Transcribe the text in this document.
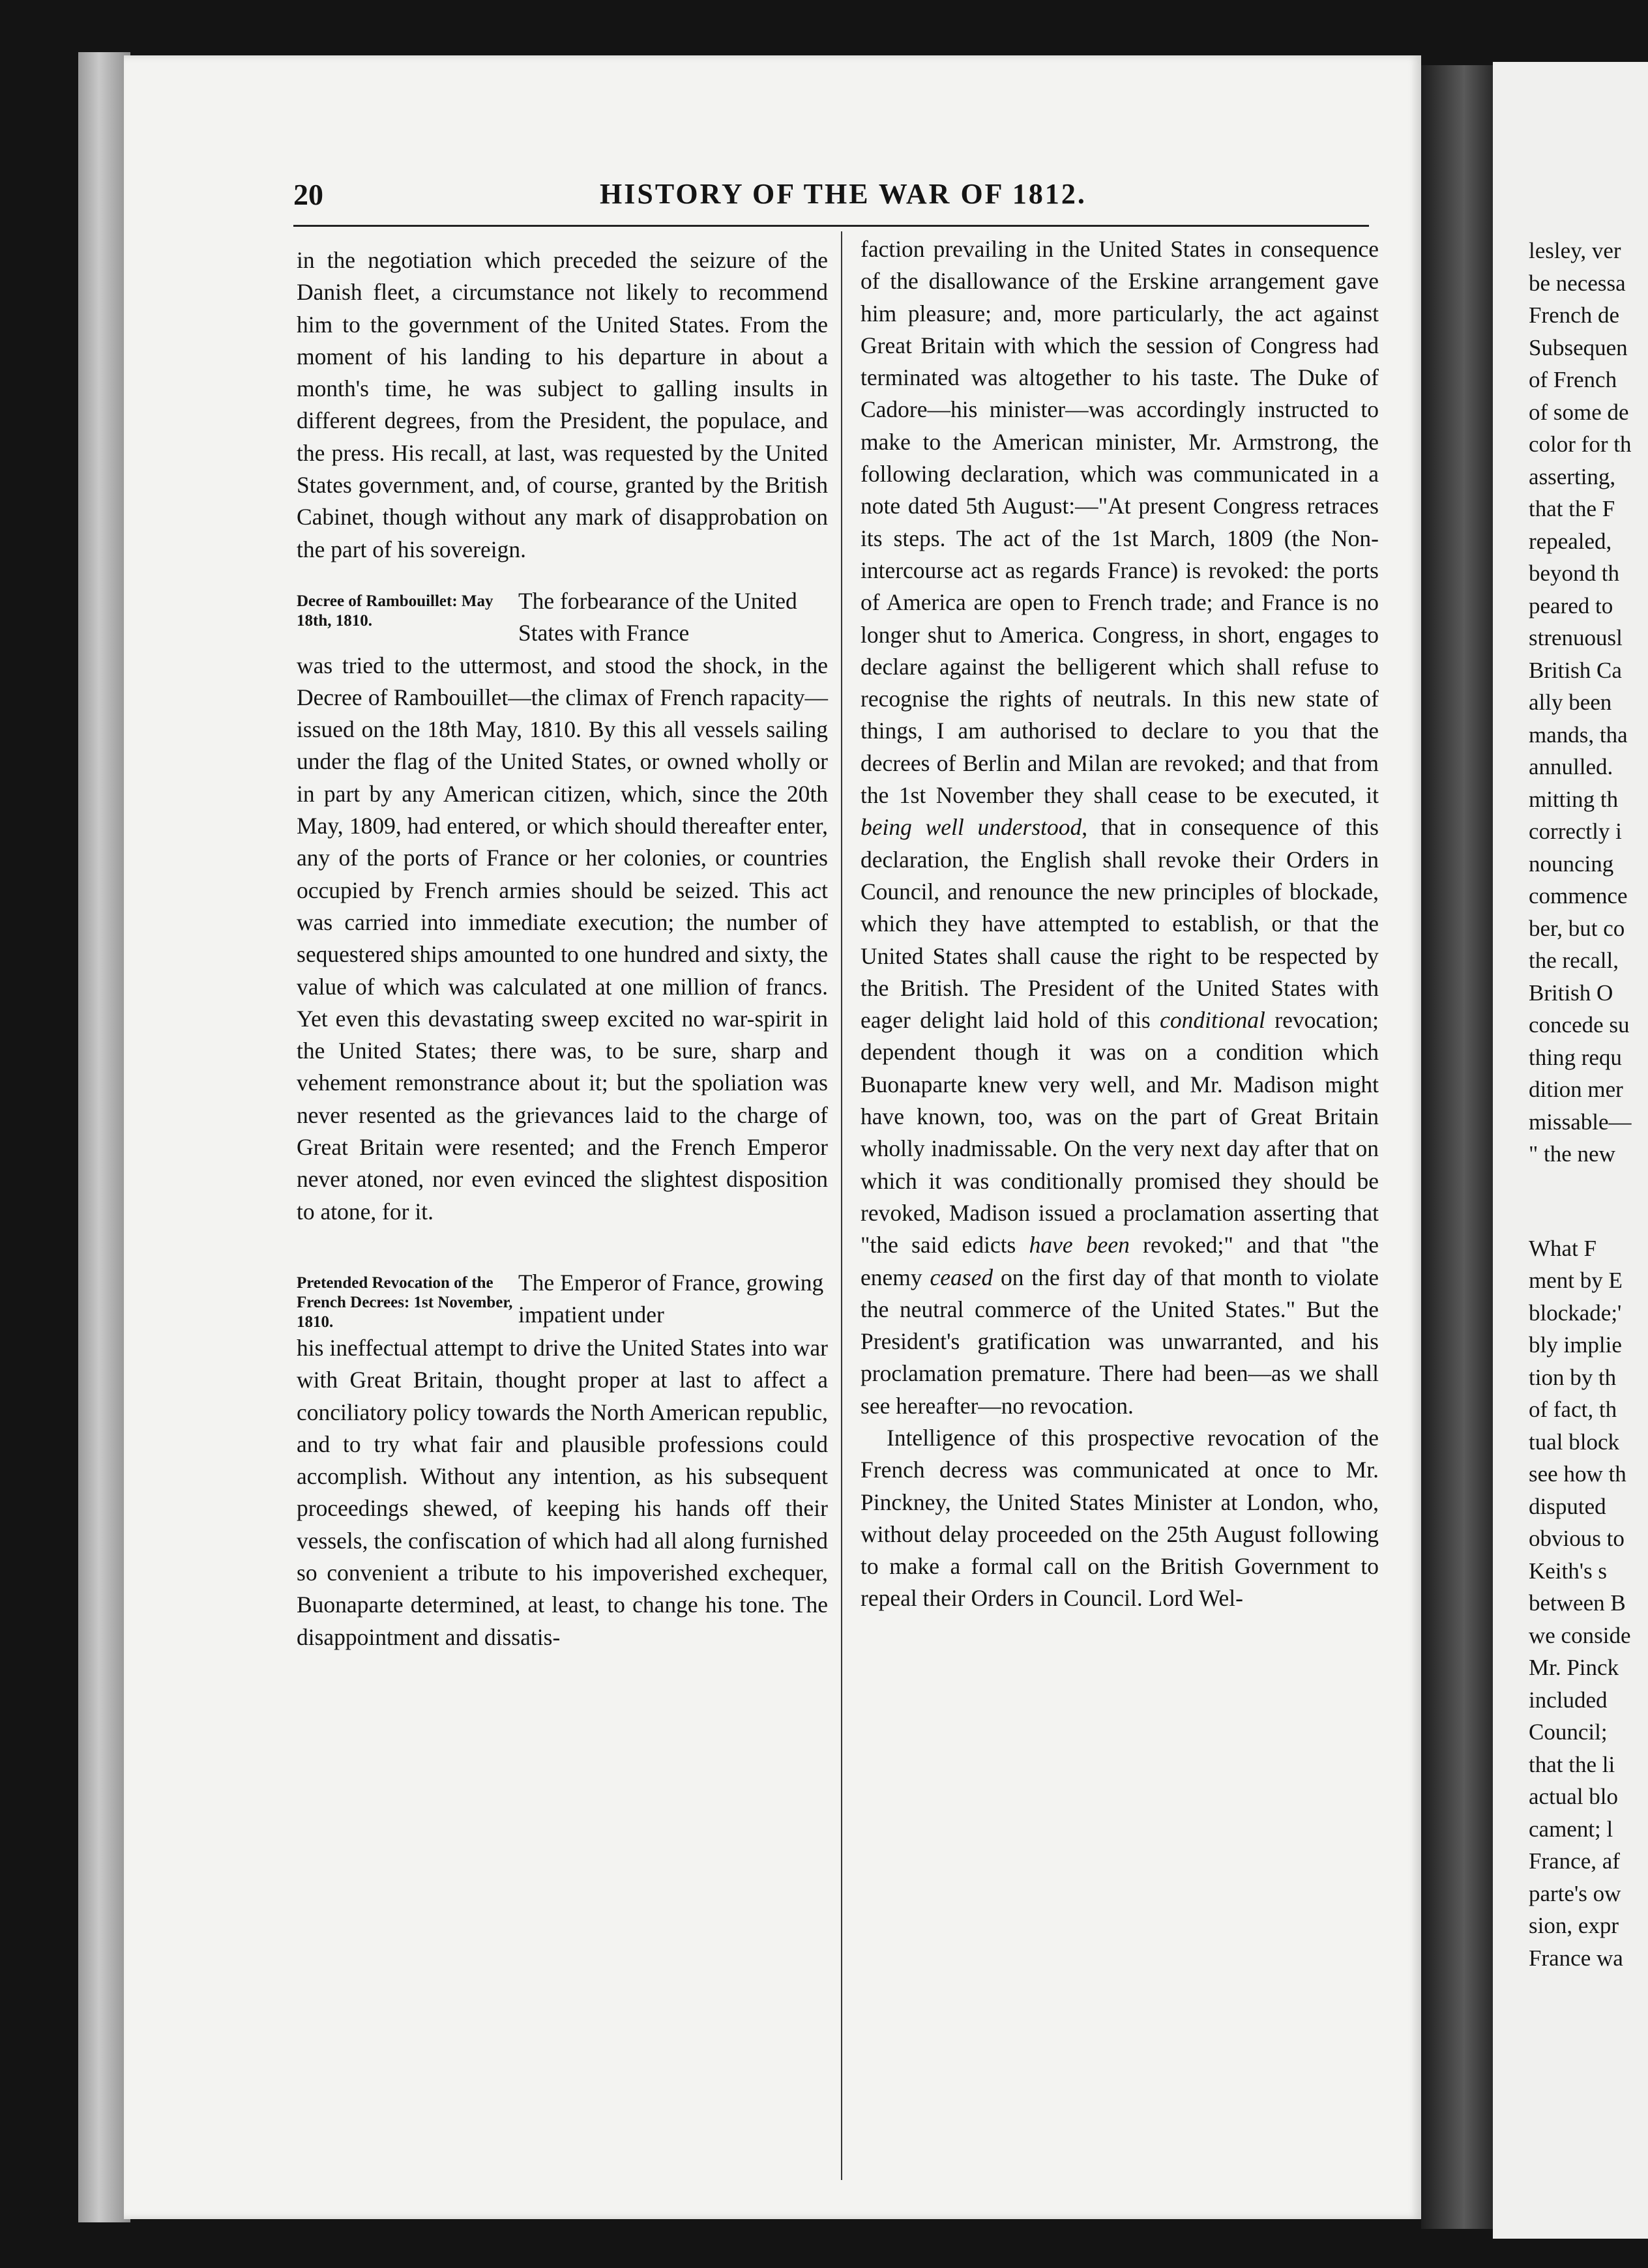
20	HISTORY OF THE WAR OF 1812.

in the negotiation which preceded the seizure of the Danish fleet, a circumstance not likely to recommend him to the government of the United States. From the moment of his landing to his departure in about a month's time, he was subject to galling insults in different degrees, from the President, the populace, and the press. His recall, at last, was requested by the United States government, and, of course, granted by the British Cabinet, though without any mark of disapprobation on the part of his sovereign.

Decree of Rambouillet: May 18th, 1810.
The forbearance of the United States with France

was tried to the uttermost, and stood the shock, in the Decree of Rambouillet—the climax of French rapacity—issued on the 18th May, 1810. By this all vessels sailing under the flag of the United States, or owned wholly or in part by any American citizen, which, since the 20th May, 1809, had entered, or which should thereafter enter, any of the ports of France or her colonies, or countries occupied by French armies should be seized. This act was carried into immediate execution; the number of sequestered ships amounted to one hundred and sixty, the value of which was calculated at one million of francs. Yet even this devastating sweep excited no war-spirit in the United States; there was, to be sure, sharp and vehement remonstrance about it; but the spoliation was never resented as the grievances laid to the charge of Great Britain were resented; and the French Emperor never atoned, nor even evinced the slightest disposition to atone, for it.

Pretended Revocation of the French Decrees: 1st November, 1810.
The Emperor of France, growing impatient under

his ineffectual attempt to drive the United States into war with Great Britain, thought proper at last to affect a conciliatory policy towards the North American republic, and to try what fair and plausible professions could accomplish. Without any intention, as his subsequent proceedings shewed, of keeping his hands off their vessels, the confiscation of which had all along furnished so convenient a tribute to his impoverished exchequer, Buonaparte determined, at least, to change his tone. The disappointment and dissatis-

faction prevailing in the United States in consequence of the disallowance of the Erskine arrangement gave him pleasure; and, more particularly, the act against Great Britain with which the session of Congress had terminated was altogether to his taste. The Duke of Cadore—his minister—was accordingly instructed to make to the American minister, Mr. Armstrong, the following declaration, which was communicated in a note dated 5th August:—"At present Congress retraces its steps. The act of the 1st March, 1809 (the Non-intercourse act as regards France) is revoked: the ports of America are open to French trade; and France is no longer shut to America. Congress, in short, engages to declare against the belligerent which shall refuse to recognise the rights of neutrals. In this new state of things, I am authorised to declare to you that the decrees of Berlin and Milan are revoked; and that from the 1st November they shall cease to be executed, it being well understood, that in consequence of this declaration, the English shall revoke their Orders in Council, and renounce the new principles of blockade, which they have attempted to establish, or that the United States shall cause the right to be respected by the British. The President of the United States with eager delight laid hold of this conditional revocation; dependent though it was on a condition which Buonaparte knew very well, and Mr. Madison might have known, too, was on the part of Great Britain wholly inadmissable. On the very next day after that on which it was conditionally promised they should be revoked, Madison issued a proclamation asserting that "the said edicts have been revoked;" and that "the enemy ceased on the first day of that month to violate the neutral commerce of the United States." But the President's gratification was unwarranted, and his proclamation premature. There had been—as we shall see hereafter—no revocation.

Intelligence of this prospective revocation of the French decress was communicated at once to Mr. Pinckney, the United States Minister at London, who, without delay proceeded on the 25th August following to make a formal call on the British Government to repeal their Orders in Council. Lord Wel-

lesley, ver
be necessa
French de
Subsequen
of French
of some de
color for th
asserting,
that the F
repealed,
beyond th
peared to
strenuousl
British Ca
ally been
mands, tha
annulled.
mitting th
correctly i
nouncing
commence
ber, but co
the recall,
British O
concede su
thing requ
dition mer
missable—
" the new
What F
ment by E
blockade;'
bly implie
tion by th
of fact, th
tual block
see how th
disputed
obvious to
Keith's s
between B
we conside
Mr. Pinck
included
Council;
that the li
actual blo
cament; l
France, af
parte's ow
sion, expr
France wa
